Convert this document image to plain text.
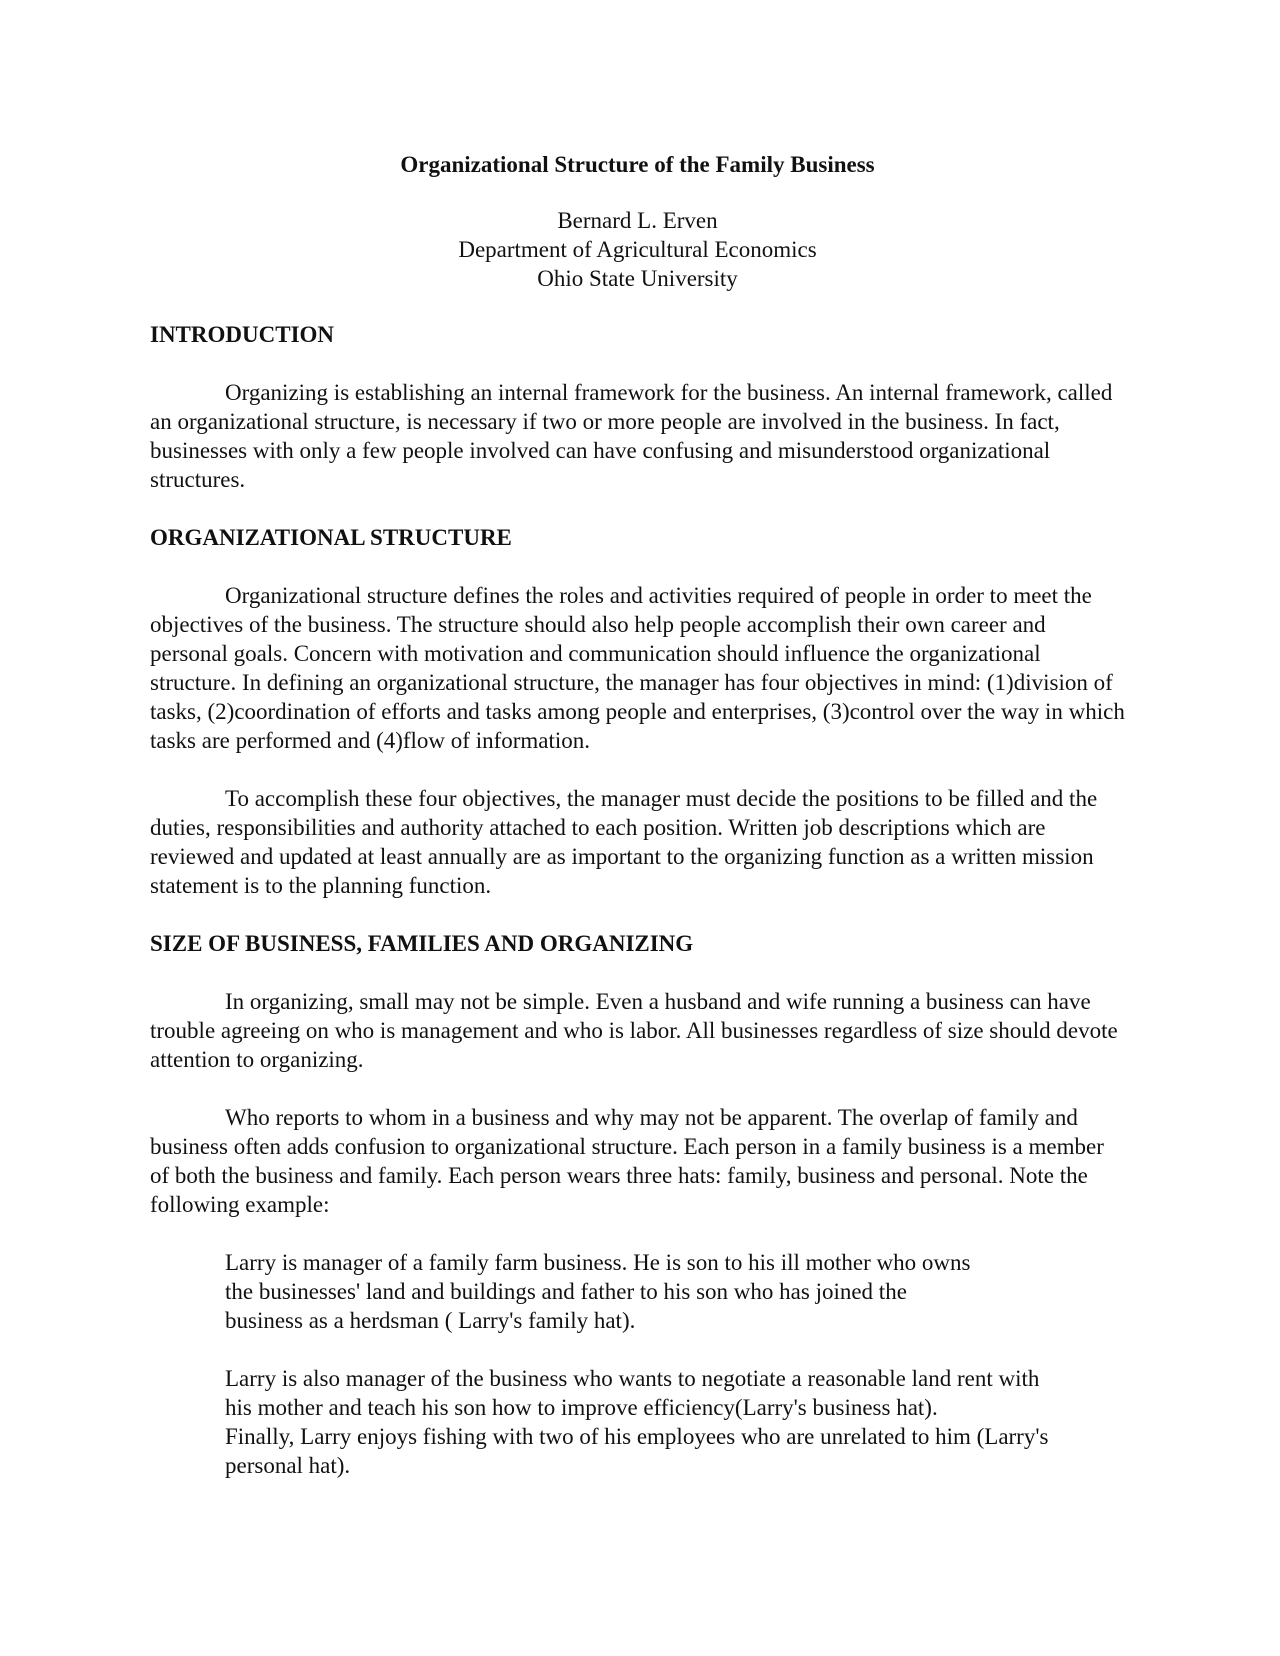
Organizational Structure of the Family Business
Bernard L. Erven
Department of Agricultural Economics
Ohio State University
INTRODUCTION

Organizing is establishing an internal framework for the business. An internal framework, called an organizational structure, is necessary if two or more people are involved in the business. In fact, businesses with only a few people involved can have confusing and misunderstood organizational structures.

ORGANIZATIONAL STRUCTURE

Organizational structure defines the roles and activities required of people in order to meet the objectives of the business. The structure should also help people accomplish their own career and personal goals. Concern with motivation and communication should influence the organizational structure. In defining an organizational structure, the manager has four objectives in mind: (1)division of tasks, (2)coordination of efforts and tasks among people and enterprises, (3)control over the way in which tasks are performed and (4)flow of information.

To accomplish these four objectives, the manager must decide the positions to be filled and the duties, responsibilities and authority attached to each position. Written job descriptions which are reviewed and updated at least annually are as important to the organizing function as a written mission statement is to the planning function.

SIZE OF BUSINESS, FAMILIES AND ORGANIZING

In organizing, small may not be simple. Even a husband and wife running a business can have trouble agreeing on who is management and who is labor. All businesses regardless of size should devote attention to organizing.

Who reports to whom in a business and why may not be apparent. The overlap of family and business often adds confusion to organizational structure. Each person in a family business is a member of both the business and family. Each person wears three hats: family, business and personal. Note the following example:

Larry is manager of a family farm business. He is son to his ill mother who owns
the businesses' land and buildings and father to his son who has joined the
business as a herdsman ( Larry's family hat).
Larry is also manager of the business who wants to negotiate a reasonable land rent with
his mother and teach his son how to improve efficiency(Larry's business hat).
Finally, Larry enjoys fishing with two of his employees who are unrelated to him (Larry's
personal hat).
